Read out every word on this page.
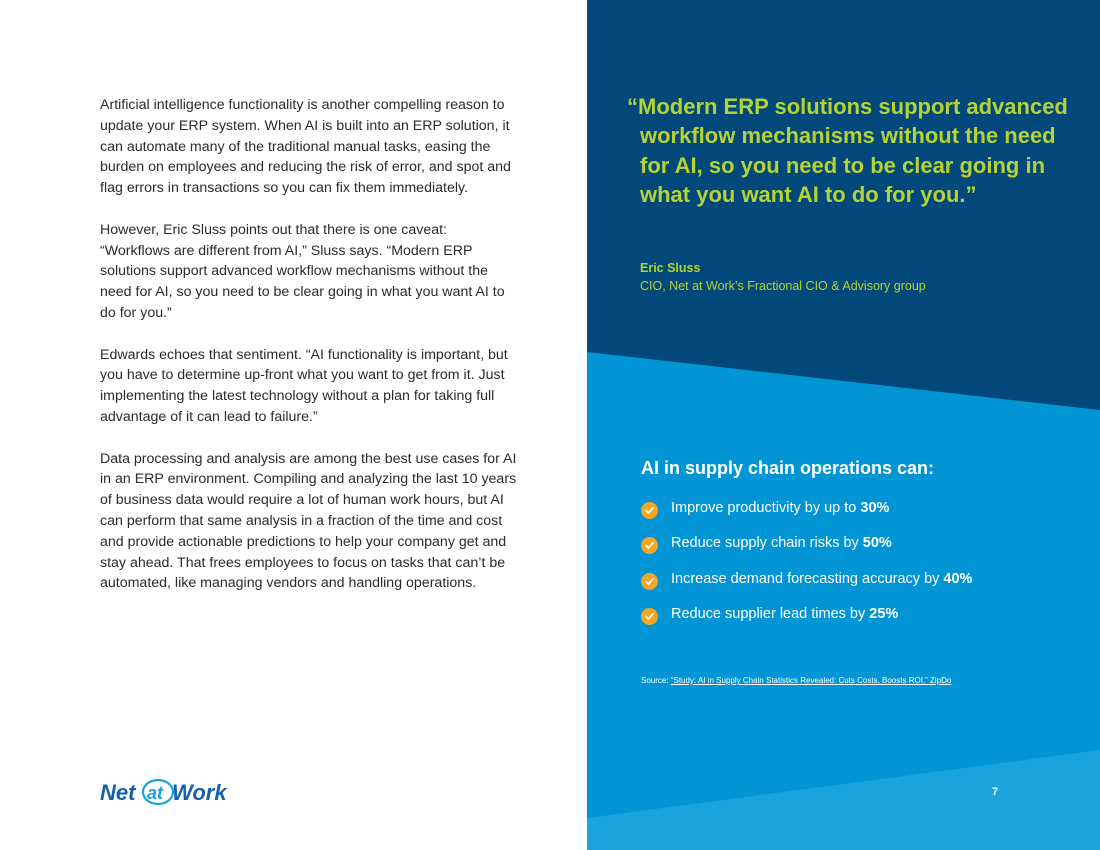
Artificial intelligence functionality is another compelling reason to update your ERP system. When AI is built into an ERP solution, it can automate many of the traditional manual tasks, easing the burden on employees and reducing the risk of error, and spot and flag errors in transactions so you can fix them immediately.

However, Eric Sluss points out that there is one caveat: “Workflows are different from AI,” Sluss says. “Modern ERP solutions support advanced workflow mechanisms without the need for AI, so you need to be clear going in what you want AI to do for you.”

Edwards echoes that sentiment. “AI functionality is important, but you have to determine up-front what you want to get from it. Just implementing the latest technology without a plan for taking full advantage of it can lead to failure.”

Data processing and analysis are among the best use cases for AI in an ERP environment. Compiling and analyzing the last 10 years of business data would require a lot of human work hours, but AI can perform that same analysis in a fraction of the time and cost and provide actionable predictions to help your company get and stay ahead. That frees employees to focus on tasks that can’t be automated, like managing vendors and handling operations.

Net at Work
“Modern ERP solutions support advanced workflow mechanisms without the need for AI, so you need to be clear going in what you want AI to do for you.”
Eric Sluss
CIO, Net at Work’s Fractional CIO & Advisory group
AI in supply chain operations can:
Improve productivity by up to 30%
Reduce supply chain risks by 50%
Increase demand forecasting accuracy by 40%
Reduce supplier lead times by 25%
Source: “Study: AI in Supply Chain Statistics Revealed: Cuts Costs, Boosts ROI,” ZipDo
7
